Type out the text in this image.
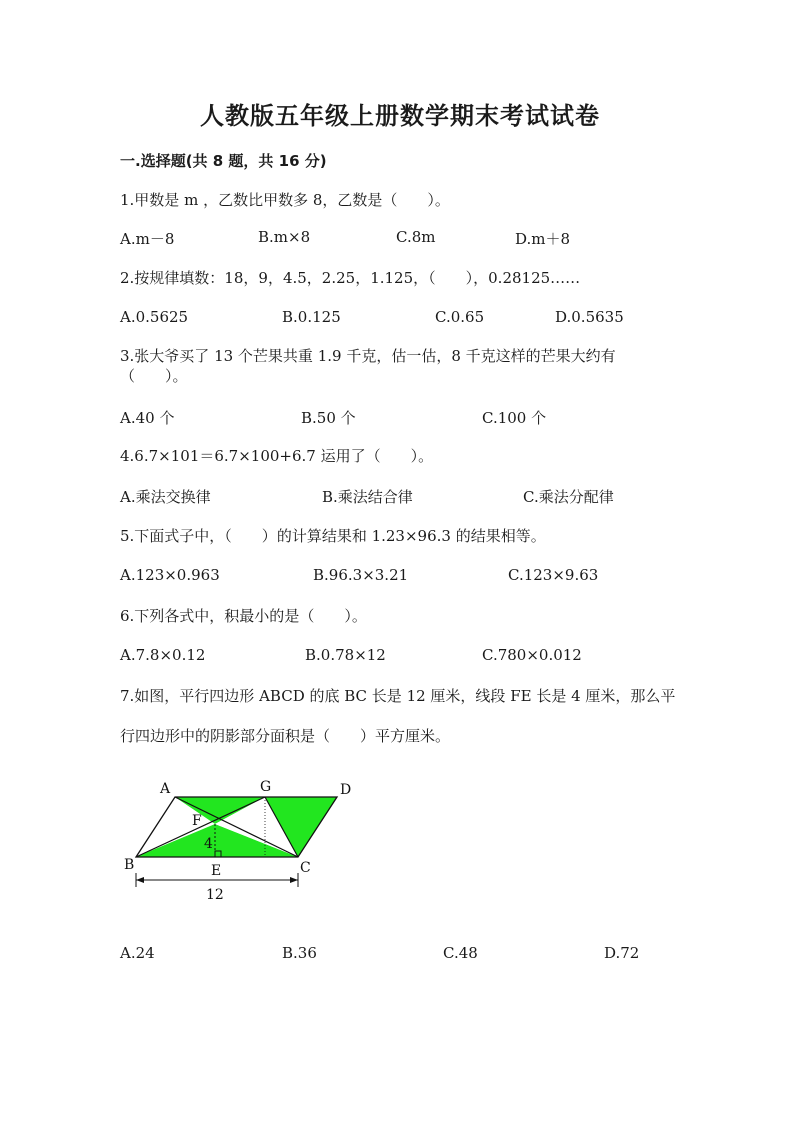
人教版五年级上册数学期末考试试卷
一.选择题(共 8 题，共 16 分)
1.甲数是 m ，乙数比甲数多 8，乙数是（　　）。
A.m－8	B.m×8	C.8m	D.m＋8
2.按规律填数：18，9，4.5，2.25，1.125，（　　），0.28125……
A.0.5625	B.0.125	C.0.65	D.0.5635
3.张大爷买了 13 个芒果共重 1.9 千克，估一估，8 千克这样的芒果大约有
（　　）。
A.40 个	B.50 个	C.100 个
4.6.7×101＝6.7×100+6.7 运用了（　　）。
A.乘法交换律	B.乘法结合律	C.乘法分配律
5.下面式子中，（　　）的计算结果和 1.23×96.3 的结果相等。
A.123×0.963	B.96.3×3.21	C.123×9.63
6.下列各式中，积最小的是（　　）。
A.7.8×0.12	B.0.78×12	C.780×0.012
7.如图，平行四边形 ABCD 的底 BC 长是 12 厘米，线段 FE 长是 4 厘米，那么平
行四边形中的阴影部分面积是（　　）平方厘米。
A	G	D
F
4
B	E	C
12
A.24	B.36	C.48	D.72
